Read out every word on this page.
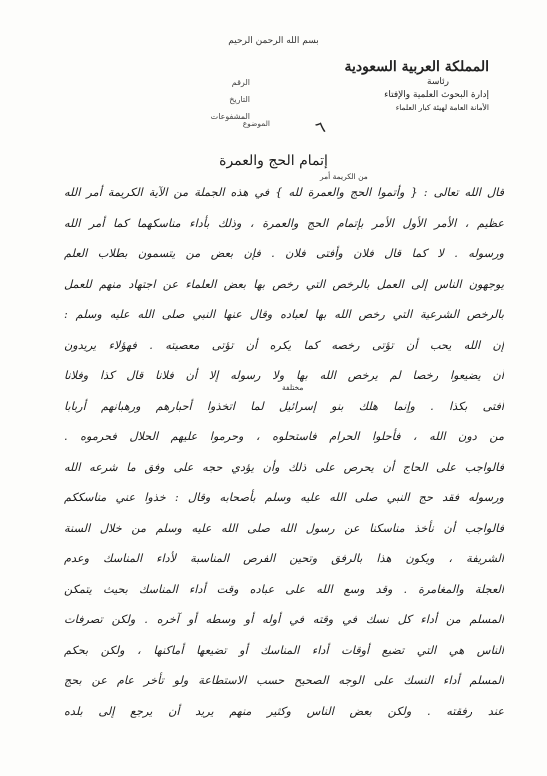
بسم الله الرحمن الرحيم
المملكة العربية السعودية
رئاسة
إدارة البحوث العلمية والإفتاء
الأمانة العامة لهيئة كبار العلماء
الرقم
التاريخ
المشفوعات
الموضوع	٦
إتمام الحج والعمرة
من الكريمة أمر
مختلفة
قال الله تعالى : { وأتموا الحج والعمرة لله } في هذه الجملة من الآية الكريمة أمر الله
عظيم ، الأمر الأول الأمر بإتمام الحج والعمرة ، وذلك بأداء مناسكهما كما أمر الله
ورسوله . لا كما قال فلان وأفتى فلان . فإن بعض من يتسمون بطلاب العلم
يوجهون الناس إلى العمل بالرخص التي رخص بها بعض العلماء عن اجتهاد منهم للعمل
بالرخص الشرعية التي رخص الله بها لعباده وقال عنها النبي صلى الله عليه وسلم :
إن الله يحب أن تؤتى رخصه كما يكره أن تؤتى معصيته . فهؤلاء يريدون
أن يضيعوا رخصا لم يرخص الله بها ولا رسوله إلا أن فلانا قال كذا وفلانا
أفتى بكذا . وإنما هلك بنو إسرائيل لما اتخذوا أحبارهم ورهبانهم أربابا
من دون الله ، فأحلوا الحرام فاستحلوه ، وحرموا عليهم الحلال فحرموه .
فالواجب على الحاج أن يحرص على ذلك وأن يؤدي حجه على وفق ما شرعه الله
ورسوله فقد حج النبي صلى الله عليه وسلم بأصحابه وقال : خذوا عني مناسككم
فالواجب أن نأخذ مناسكنا عن رسول الله صلى الله عليه وسلم من خلال السنة
الشريفة ، ويكون هذا بالرفق وتحين الفرص المناسبة لأداء المناسك وعدم
العجلة والمغامرة . وقد وسع الله على عباده وقت أداء المناسك بحيث يتمكن
المسلم من أداء كل نسك في وقته في أوله أو وسطه أو آخره . ولكن تصرفات
الناس هي التي تضيع أوقات أداء المناسك أو تضيعها أماكنها ، ولكن بحكم
المسلم أداء النسك على الوجه الصحيح حسب الاستطاعة ولو تأخر عام عن بحج
عند رفقته . ولكن بعض الناس وكثير منهم يريد أن يرجع إلى بلده
